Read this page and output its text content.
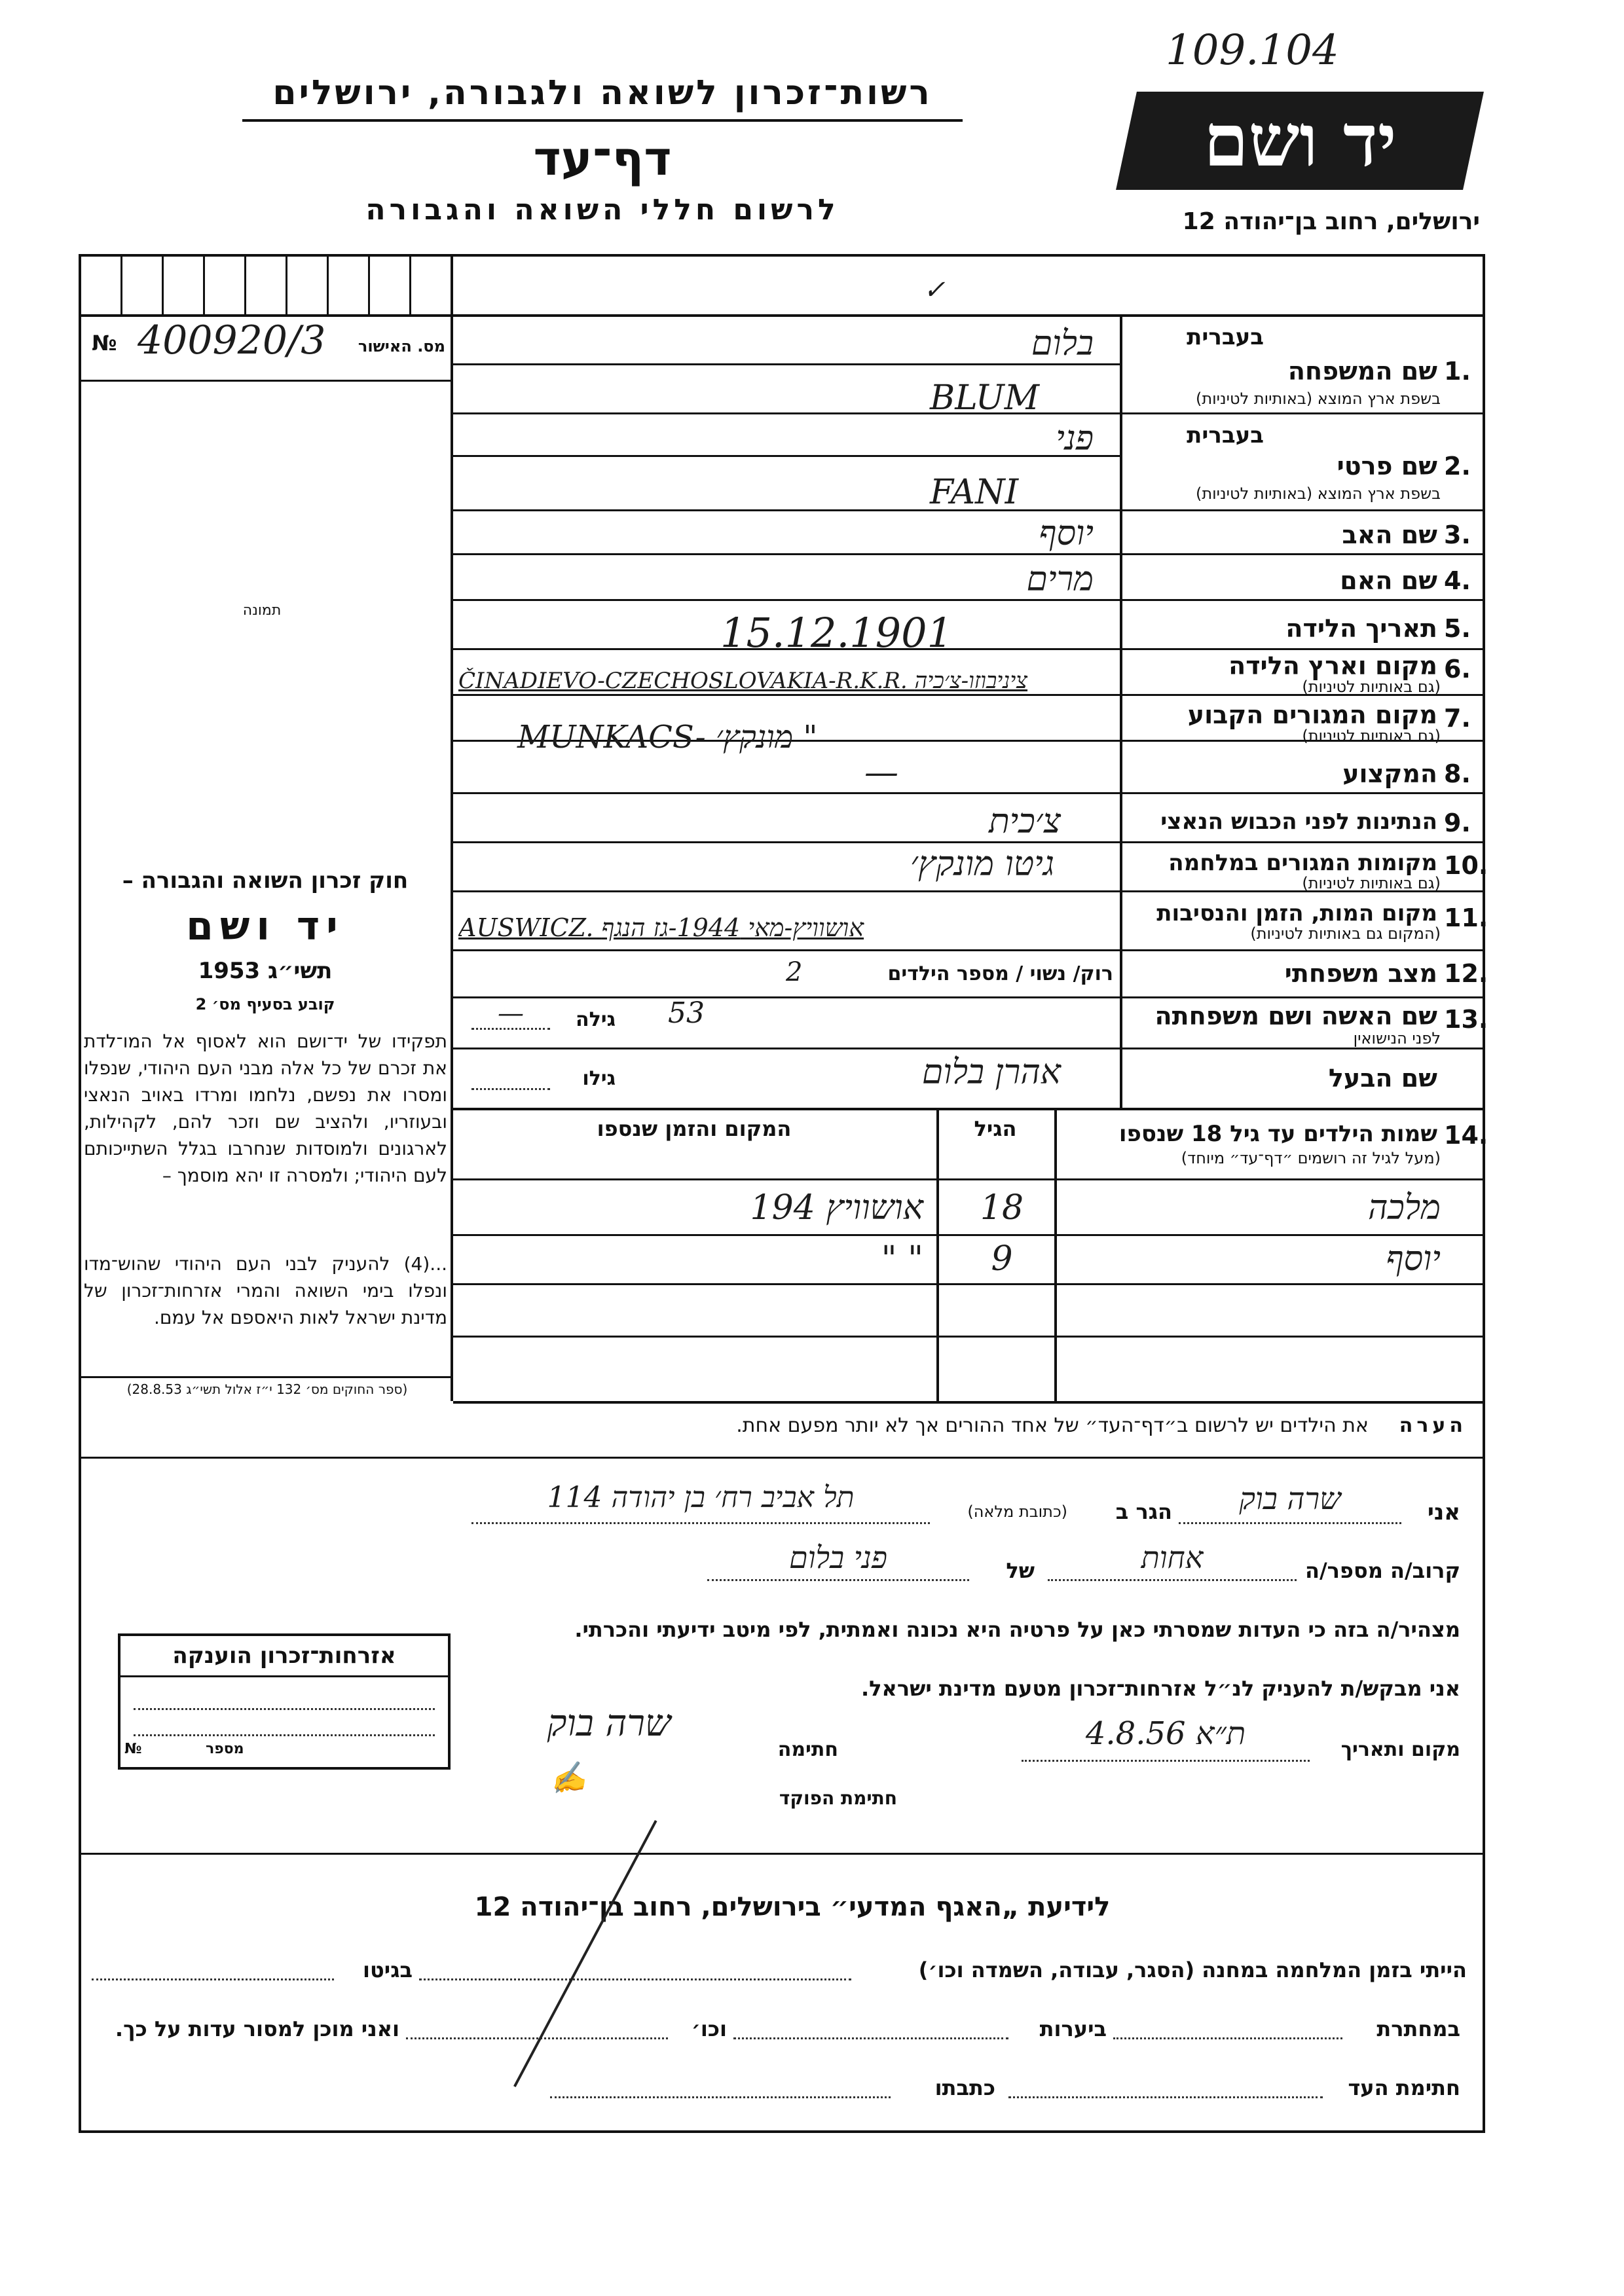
109.104
רשות־זכרון לשואה ולגבורה, ירושלים
דף־עד
לרשום חללי השואה והגבורה
יד ושם
ירושלים, רחוב בן־יהודה 12
✓
№ 400920/3	מס. האישור
תמונה
חוק זכרון השואה והגבורה –
יד ושם
תשי״ג 1953
קובע בסעיף מס׳ 2
תפקידו של יד־ושם הוא לאסוף אל המו־לדת את זכרם של כל אלה מבני העם היהודי, שנפלו ומסרו את נפשם, נלחמו ומרדו באויב הנאצי ובעוזריו, ולהציב שם וזכר להם, לקהילות, לארגונים ולמוסדות שנחרבו בגלל השתייכותם לעם היהודי; ולמסרה זו יהא מוסמך –
...(4) להעניק לבני העם היהודי שהוש־מדו ונפלו בימי השואה והמרי אזרחות־זכרון של מדינת ישראל לאות היאספם אל עמם.
(ספר החוקים מס׳ 132 י״ז אלול תשי״ג 28.8.53)
אזרחות־זכרון הוענקה
№	מספר
בעברית
1.
שם המשפחה
בשפת ארץ המוצא (באותיות לטיניות)
בלום
BLUM
בעברית
2.
שם פרטי
בשפת ארץ המוצא (באותיות לטיניות)
פני
FANI
3.
שם האב
יוסף
4.
שם האם
מרים
5.
תאריך הלידה
15.12.1901
6.
מקום וארץ הלידה
(גם באותיות לטיניות)
ČINADIEVO-CZECHOSLOVAKIA-R.K.R. ציניבוזו-צ׳כיה
7.
מקום המגורים הקבוע
(גם באותיות לטיניות)
MUNKACS- מונקץ׳ "
8.
המקצוע
—
9.
הנתינות לפני הכבוש הנאצי
צ׳כית
10.
מקומות המגורים במלחמה
(גם באותיות לטיניות)
גיטו מונקץ׳
11.
מקום המות, הזמן והנסיבות
(המקום גם באותיות לטיניות)
AUSWICZ. אושוויץ-מאי 1944-גז הנגף
12.
מצב משפחתי
רוק/ נשוי / מספר הילדים
2
13.
שם האשה ושם משפחתה
לפני הנישואין
גילה
—
שם הבעל
גילו
53
אהרן בלום
14.
שמות הילדים עד גיל 18 שנספו
(מעל לגיל זה רושמים ״דף־עד״ מיוחד)
הגיל
המקום והזמן שנספו
מלכה
18
אושוויץ 194
יוסף
9
" "
הערה
את הילדים יש לרשום ב״דף־העד״ של אחד ההורים אך לא יותר מפעם אחת.
אני
שרה בוק
הגר ב
(כתובת מלאה)
תל אביב רח׳ בן יהודה 114
קרוב/ה מספר/ה
אחות
של
פני בלום
מצהיר/ה בזה כי העדות שמסרתי כאן על פרטיה היא נכונה ואמתית, לפי מיטב ידיעתי והכרתי.
אני מבקש/ת להעניק לנ״ל אזרחות־זכרון מטעם מדינת ישראל.
מקום ותאריך
ת״א 4.8.56
חתימה
שרה בוק
חתימת הפוקד
✍
לידיעת „האגף המדעי״ בירושלים, רחוב בן־יהודה 12
הייתי בזמן המלחמה במחנה (הסגר, עבודה, השמדה וכו׳)
בגיטו
במחתרת
ביערות
וכו׳
ואני מוכן למסור עדות על כך.
חתימת העד
כתבתו
